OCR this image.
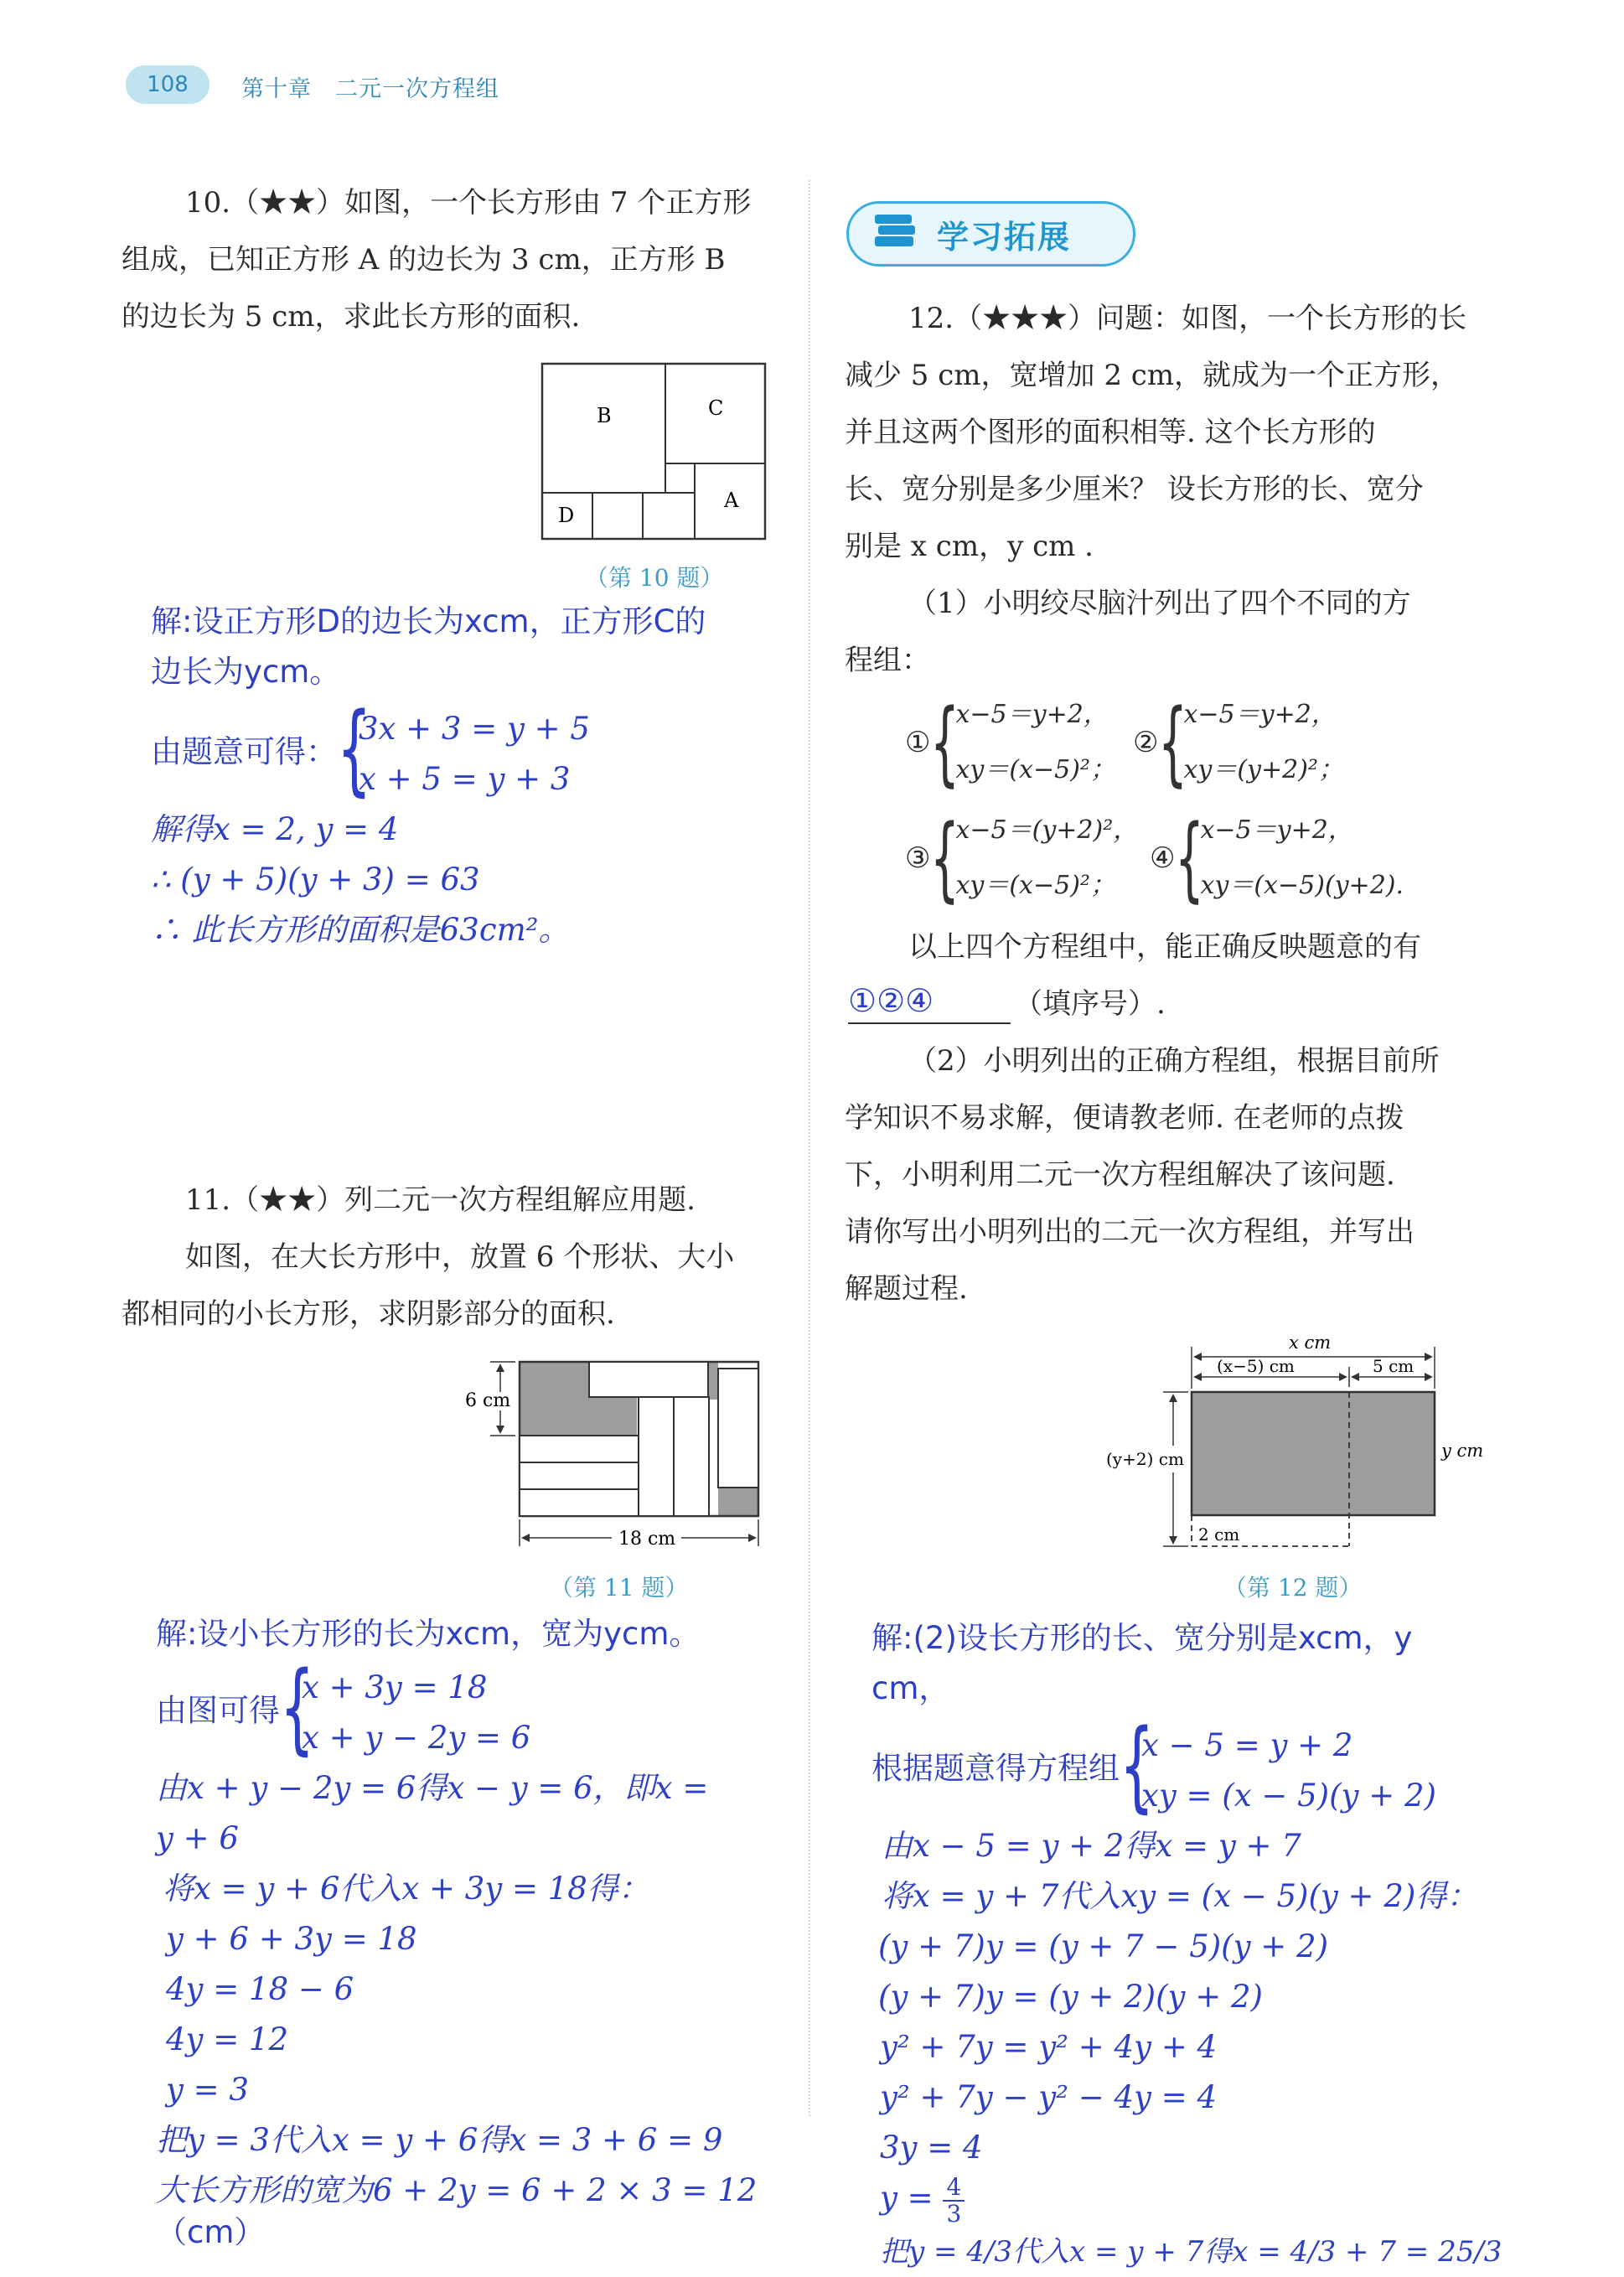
108	第十章　二元一次方程组

10.（★★）如图，一个长方形由 7 个正方形

组成，已知正方形 A 的边长为 3 cm，正方形 B

的边长为 5 cm，求此长方形的面积.

B	C
A
D
（第 10 题）

解:设正方形D的边长为xcm，正方形C的

边长为ycm。

由题意可得： {
3x + 3 = y + 5
x + 5 = y + 3

解得x = 2, y = 4

∴ (y + 5)(y + 3) = 63

∴ 此长方形的面积是63cm²。

11.（★★）列二元一次方程组解应用题.

如图，在大长方形中，放置 6 个形状、大小

都相同的小长方形，求阴影部分的面积.

6 cm
18 cm
（第 11 题）

解:设小长方形的长为xcm，宽为ycm。

由图可得 {
x + 3y = 18
x + y − 2y = 6

由x + y − 2y = 6得x − y = 6，即x =

y + 6

将x = y + 6代入x + 3y = 18得：

y + 6 + 3y = 18

4y = 18 − 6

4y = 12

y = 3

把y = 3代入x = y + 6得x = 3 + 6 = 9

大长方形的宽为6 + 2y = 6 + 2 × 3 = 12

（cm）

学习拓展

12.（★★★）问题：如图，一个长方形的长

减少 5 cm，宽增加 2 cm，就成为一个正方形，

并且这两个图形的面积相等. 这个长方形的

长、宽分别是多少厘米？ 设长方形的长、宽分

别是 x cm，y cm .

（1）小明绞尽脑汁列出了四个不同的方

程组：

① {
x−5＝y+2，
xy＝(x−5)²；
② {
x−5＝y+2，
xy＝(y+2)²；
③ {
x−5＝(y+2)²，
xy＝(x−5)²；
④ {
x−5＝y+2，
xy＝(x−5)(y+2).

以上四个方程组中，能正确反映题意的有

①②④	（填序号）.

（2）小明列出的正确方程组，根据目前所

学知识不易求解，便请教老师. 在老师的点拨

下，小明利用二元一次方程组解决了该问题.

请你写出小明列出的二元一次方程组，并写出

解题过程.

x cm
(x−5) cm	5 cm
(y+2) cm	y cm
2 cm
（第 12 题）

解:(2)设长方形的长、宽分别是xcm，y

cm，

根据题意得方程组 {
x − 5 = y + 2
xy = (x − 5)(y + 2)

由x − 5 = y + 2得x = y + 7

将x = y + 7代入xy = (x − 5)(y + 2)得：

(y + 7)y = (y + 7 − 5)(y + 2)

(y + 7)y = (y + 2)(y + 2)

y² + 7y = y² + 4y + 4

y² + 7y − y² − 4y = 4

3y = 4

$y = \frac{4}{3}$

把y = 4/3代入x = y + 7得x = 4/3 + 7 = 25/3
